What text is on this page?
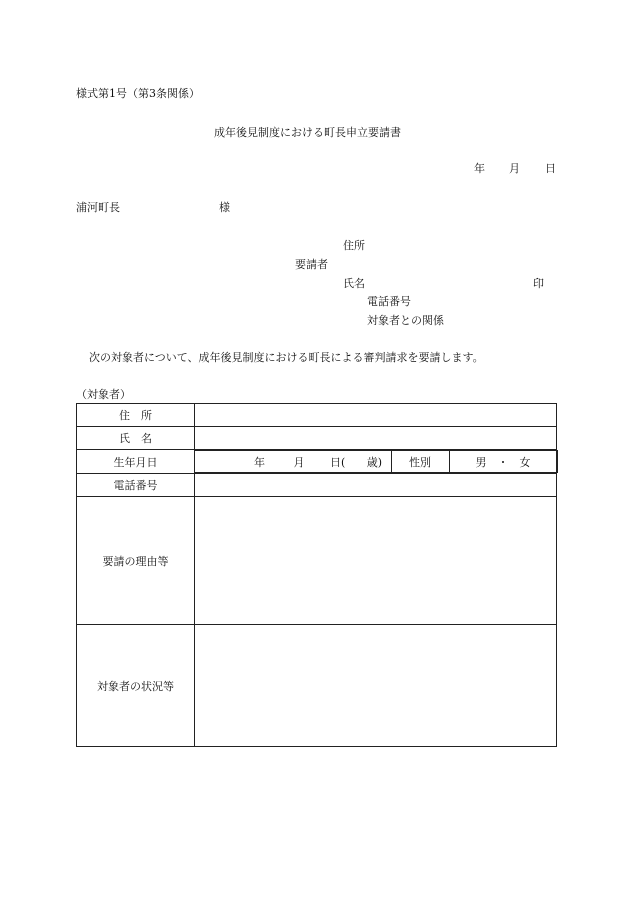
様式第1号（第3条関係）
成年後見制度における町長申立要請書
年 月 日
浦河町長	様
住所
要請者
氏名	印
電話番号
対象者との関係
次の対象者について、成年後見制度における町長による審判請求を要請します。
（対象者）
住　所	
氏　名	
生年月日		年	月 日( 歳)	性別	男　・　女

電話番号	
要請の理由等	
対象者の状況等	
